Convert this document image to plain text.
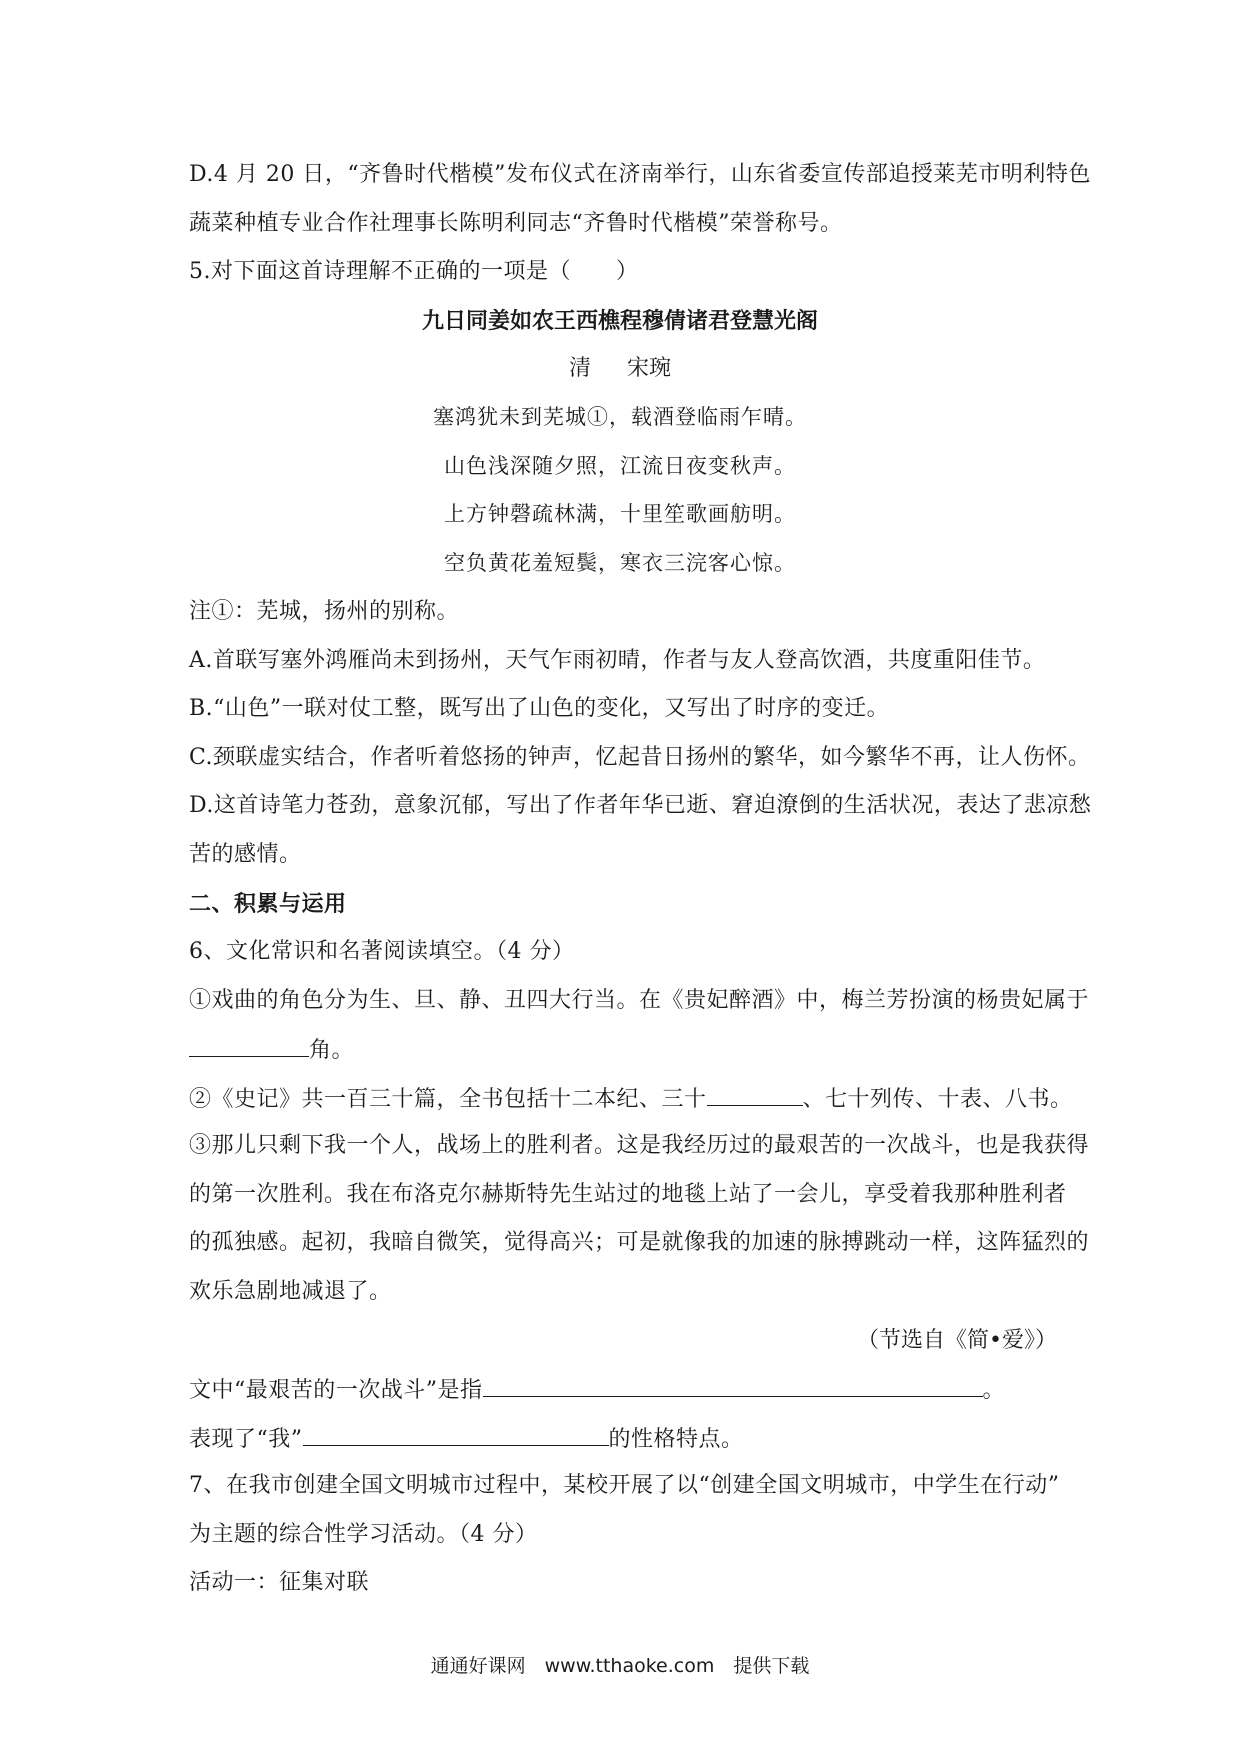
D.4 月 20 日，“齐鲁时代楷模”发布仪式在济南举行，山东省委宣传部追授莱芜市明利特色
蔬菜种植专业合作社理事长陈明利同志“齐鲁时代楷模”荣誉称号。
5.对下面这首诗理解不正确的一项是（　　）
九日同姜如农王西樵程穆倩诸君登慧光阁
清 宋琬
塞鸿犹未到芜城①，载酒登临雨乍晴。
山色浅深随夕照，江流日夜变秋声。
上方钟磬疏林满，十里笙歌画舫明。
空负黄花羞短鬓，寒衣三浣客心惊。
注①：芜城，扬州的别称。
A.首联写塞外鸿雁尚未到扬州，天气乍雨初晴，作者与友人登高饮酒，共度重阳佳节。
B.“山色”一联对仗工整，既写出了山色的变化，又写出了时序的变迁。
C.颈联虚实结合，作者听着悠扬的钟声，忆起昔日扬州的繁华，如今繁华不再，让人伤怀。
D.这首诗笔力苍劲，意象沉郁，写出了作者年华已逝、窘迫潦倒的生活状况，表达了悲凉愁
苦的感情。
二、积累与运用
6、文化常识和名著阅读填空。（4 分）
①戏曲的角色分为生、旦、静、丑四大行当。在《贵妃醉酒》中，梅兰芳扮演的杨贵妃属于
角。
②《史记》共一百三十篇，全书包括十二本纪、三十	、七十列传、十表、八书。
③那儿只剩下我一个人，战场上的胜利者。这是我经历过的最艰苦的一次战斗，也是我获得
的第一次胜利。我在布洛克尔赫斯特先生站过的地毯上站了一会儿，享受着我那种胜利者
的孤独感。起初，我暗自微笑，觉得高兴；可是就像我的加速的脉搏跳动一样，这阵猛烈的
欢乐急剧地减退了。
（节选自《简•爱》）
文中“最艰苦的一次战斗”是指	。
表现了“我”	的性格特点。
7、在我市创建全国文明城市过程中，某校开展了以“创建全国文明城市，中学生在行动”
为主题的综合性学习活动。（4 分）
活动一：征集对联
通通好课网　www.tthaoke.com　提供下载
